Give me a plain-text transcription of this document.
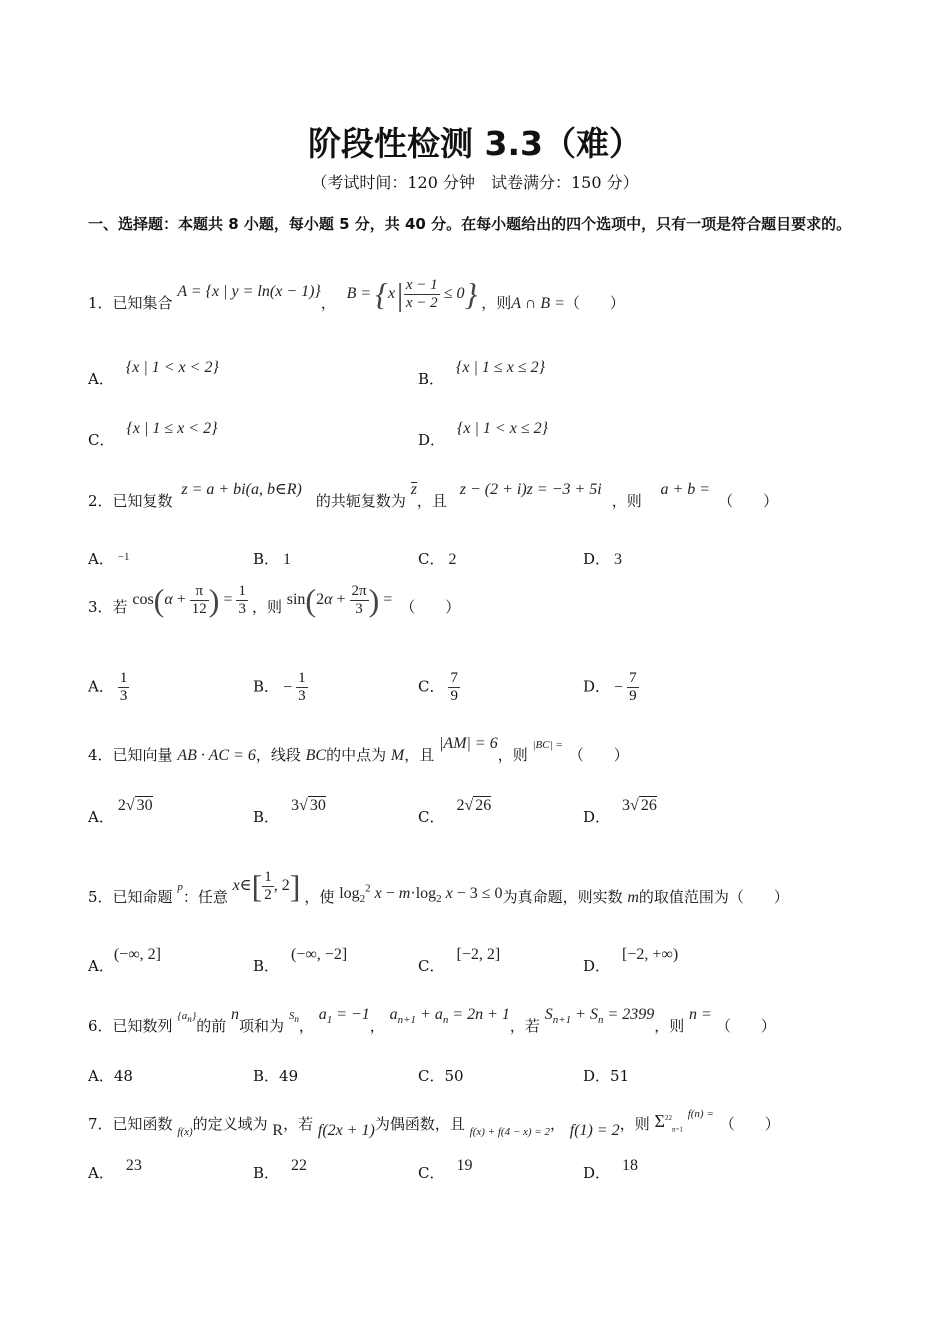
阶段性检测 3.3（难）
（考试时间：120 分钟　试卷满分：150 分）
一、选择题：本题共 8 小题，每小题 5 分，共 40 分。在每小题给出的四个选项中，只有一项是符合题目要求的。
1．已知集合 A = {x | y = ln(x − 1)}， $B = \{x| \frac{x - 1}{x - 2} \le 0\}$ ，则A ∩ B =（　　）
A．{x | 1 < x < 2}
B．{x | 1 ≤ x ≤ 2}
C．{x | 1 ≤ x < 2}
D．{x | 1 < x ≤ 2}
2．已知复数 z = a + bi(a, b∈R)的共轭复数为 z，且 z − (2 + i)z = −3 + 5i，则 a + b =（　　）
A． $^{-1}$	B． 1	C． 2	D． 3
3．若 $\cos(\alpha + \frac{\pi}{12}$ ) = $\frac{1}{3}$ ，则 $\sin(2\alpha + \frac{2\pi}{3}$ ) = （　　）
A． $\frac{1}{3}$	B． − $\frac{1}{3}$	C． $\frac{7}{9}$	D． − $\frac{7}{9}$
4．已知向量 AB · AC = 6，线段 BC的中点为 M，且 |AM| = 6，则 $^{|BC| =}$（　　）
A．2√ 30
B．3√ 30
C．2√ 26
D．3√ 26
5．已知命题 $^p$：任意 x∈[ $\frac{1}{2}$ , 2] ，使 $\log_2^2 x - m\cdot\log_2$ x − 3 ≤ 0为真命题，则实数 m的取值范围为（　　）
A．(−∞, 2]
B．(−∞, −2]
C．[−2, 2]
D．[−2, +∞)
6．已知数列 $^{\{a_n\}}$的前 n项和为 $^{S_n}$， $a_1 = -1$， $a_{n+1} + a_n = 2n + 1$，若 $S_{n+1} + S_n = 2399$，则 n =（　　）
A．48	B．49	C．50	D．51
7．已知函数 $_{f(x)}$的定义域为 R，若 f(2x + 1)为偶函数，且 $_{f(x) + f(4 - x) = 2}$， f(1) = 2，则 $\Sigma^{22}_{n=1}$ $^{f(n) =}$（　　）
A． 23	B． 22	C． 19	D． 18
